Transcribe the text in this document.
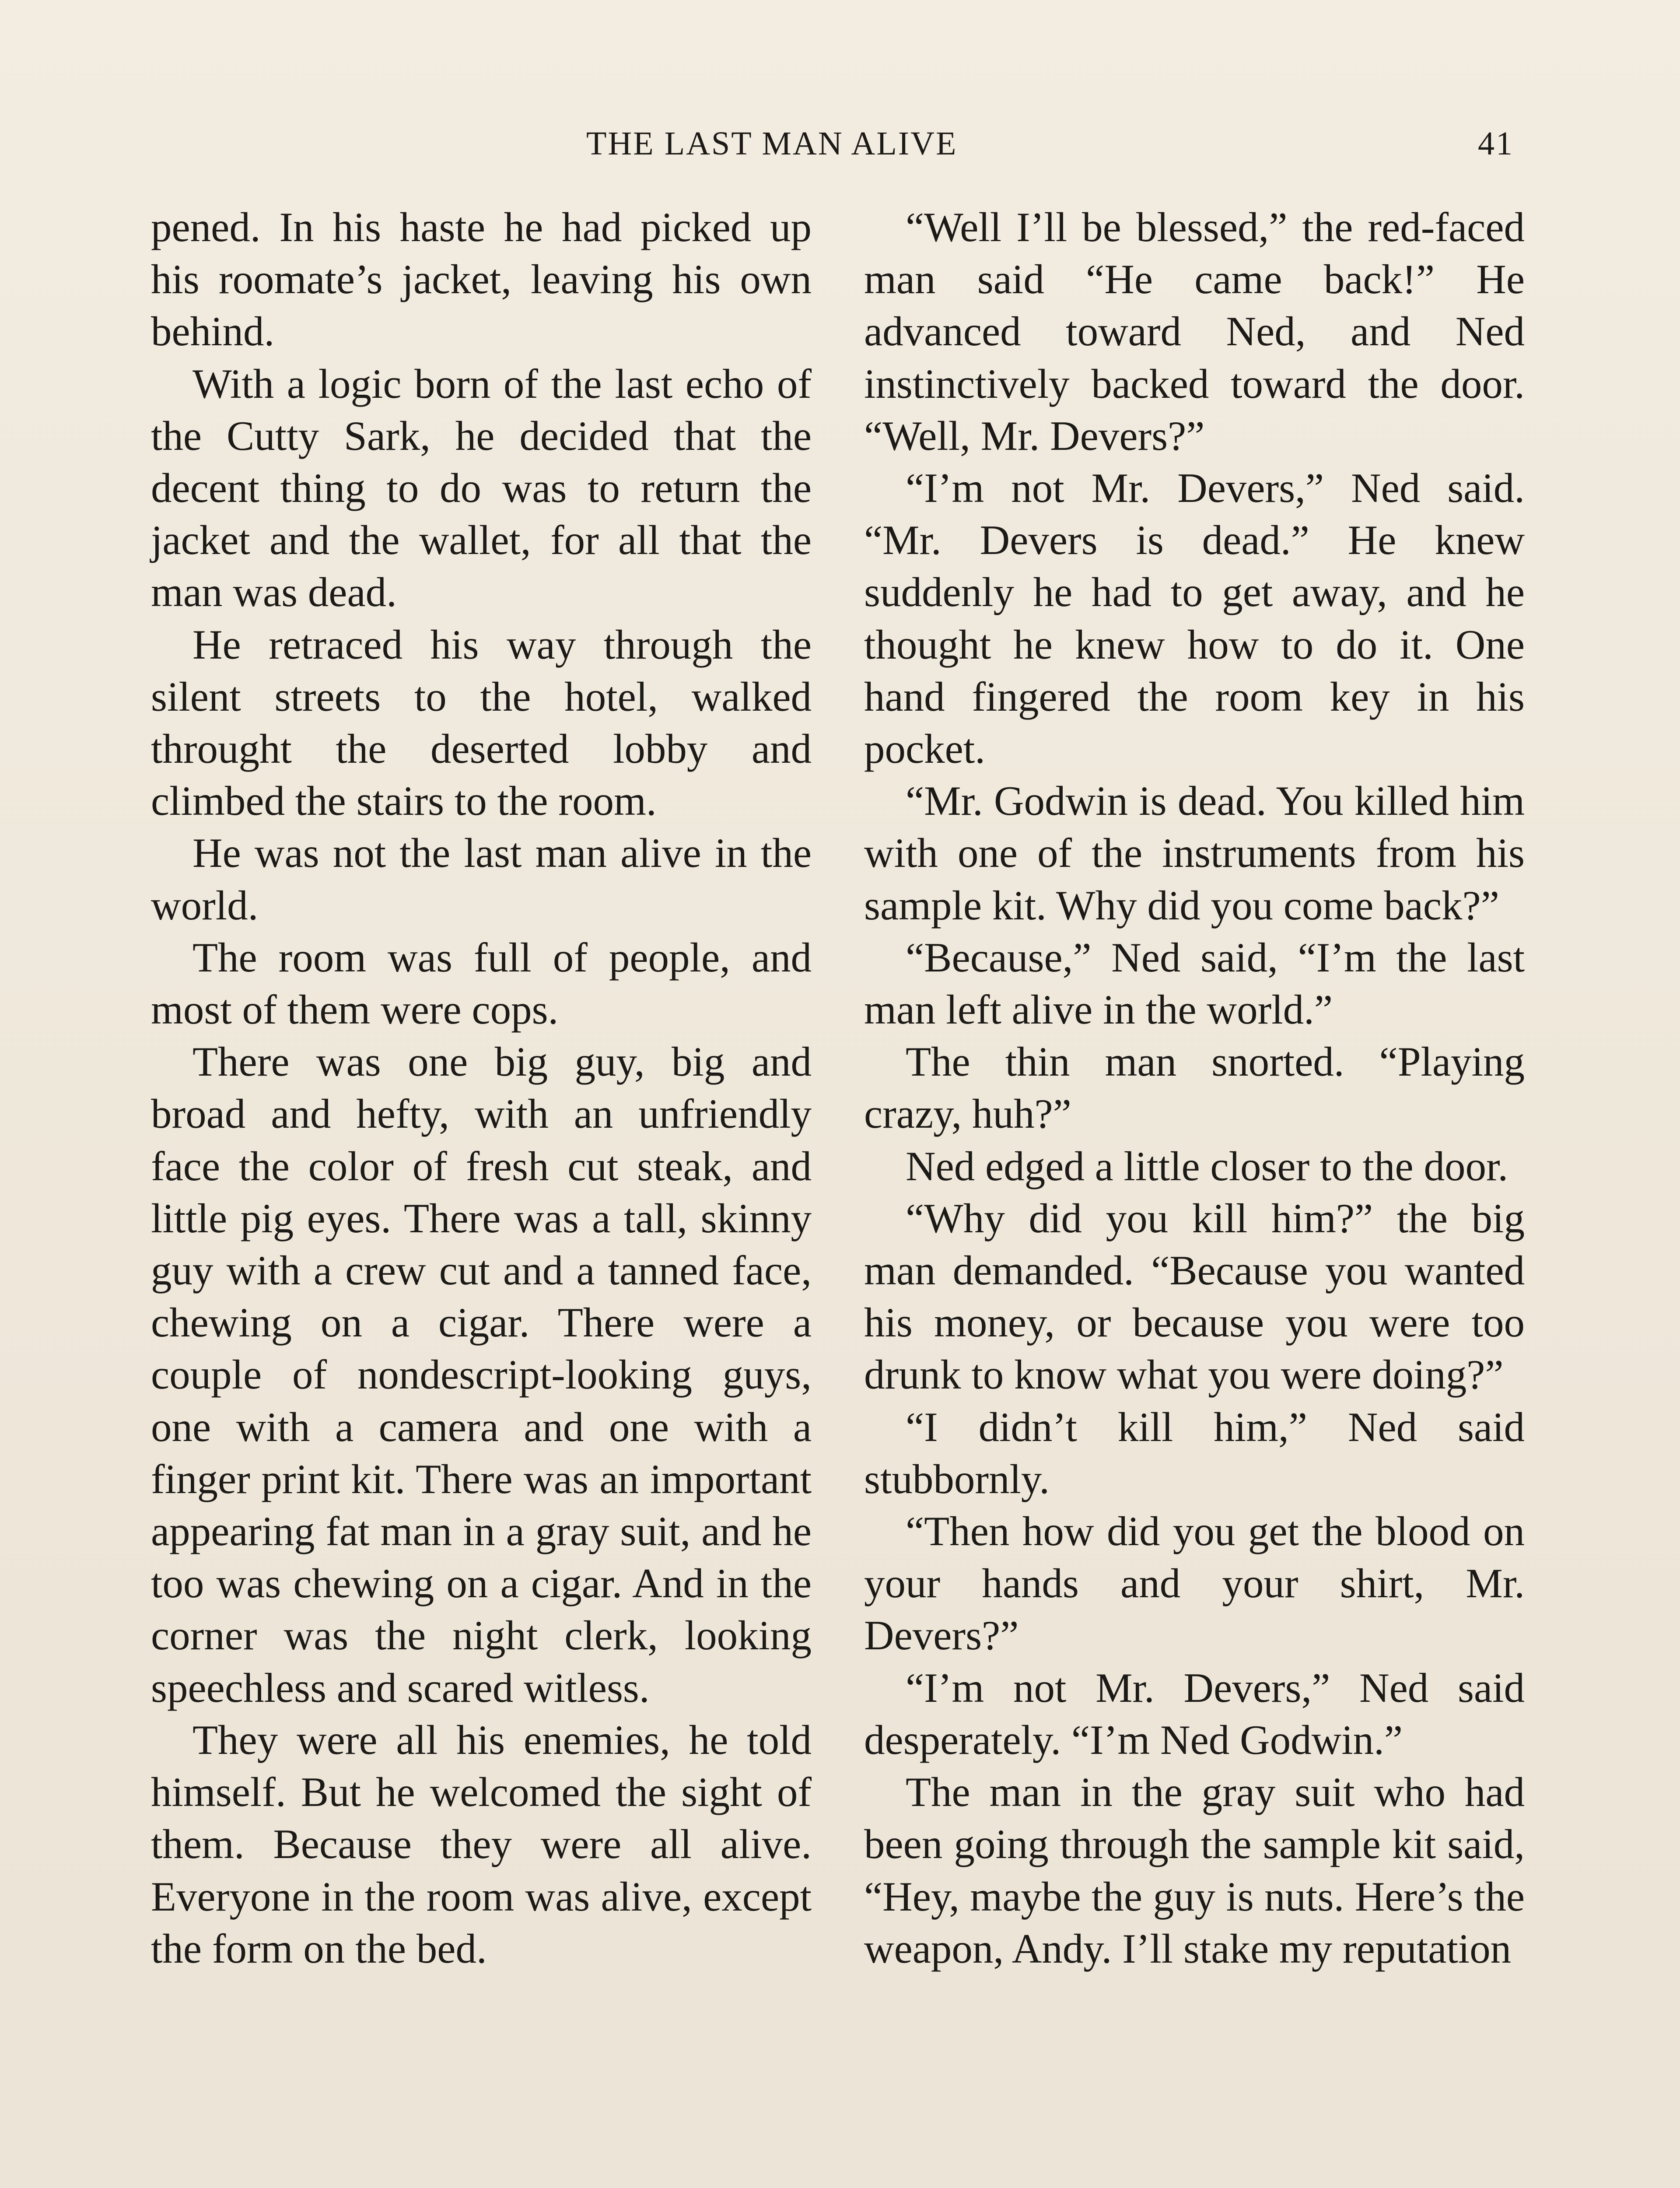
THE LAST MAN ALIVE	41

pened. In his haste he had picked up his roomate’s jacket, leaving his own behind.

With a logic born of the last echo of the Cutty Sark, he decided that the decent thing to do was to return the jacket and the wallet, for all that the man was dead.

He retraced his way through the silent streets to the hotel, walked throught the deserted lobby and climbed the stairs to the room.

He was not the last man alive in the world.

The room was full of people, and most of them were cops.

There was one big guy, big and broad and hefty, with an unfriendly face the color of fresh cut steak, and little pig eyes. There was a tall, skinny guy with a crew cut and a tanned face, chewing on a cigar. There were a couple of nondescript-looking guys, one with a camera and one with a finger print kit. There was an important appearing fat man in a gray suit, and he too was chewing on a cigar. And in the corner was the night clerk, looking speechless and scared witless.

They were all his enemies, he told himself. But he welcomed the sight of them. Because they were all alive. Everyone in the room was alive, except the form on the bed.

“Well I’ll be blessed,” the red-faced man said “He came back!” He advanced toward Ned, and Ned instinctively backed toward the door. “Well, Mr. Devers?”

“I’m not Mr. Devers,” Ned said. “Mr. Devers is dead.” He knew suddenly he had to get away, and he thought he knew how to do it. One hand fingered the room key in his pocket.

“Mr. Godwin is dead. You killed him with one of the instruments from his sample kit. Why did you come back?”

“Because,” Ned said, “I’m the last man left alive in the world.”

The thin man snorted. “Playing crazy, huh?”

Ned edged a little closer to the door.

“Why did you kill him?” the big man demanded. “Because you wanted his money, or because you were too drunk to know what you were doing?”

“I didn’t kill him,” Ned said stubbornly.

“Then how did you get the blood on your hands and your shirt, Mr. Devers?”

“I’m not Mr. Devers,” Ned said desperately. “I’m Ned Godwin.”

The man in the gray suit who had been going through the sample kit said, “Hey, maybe the guy is nuts. Here’s the weapon, Andy. I’ll stake my reputation
